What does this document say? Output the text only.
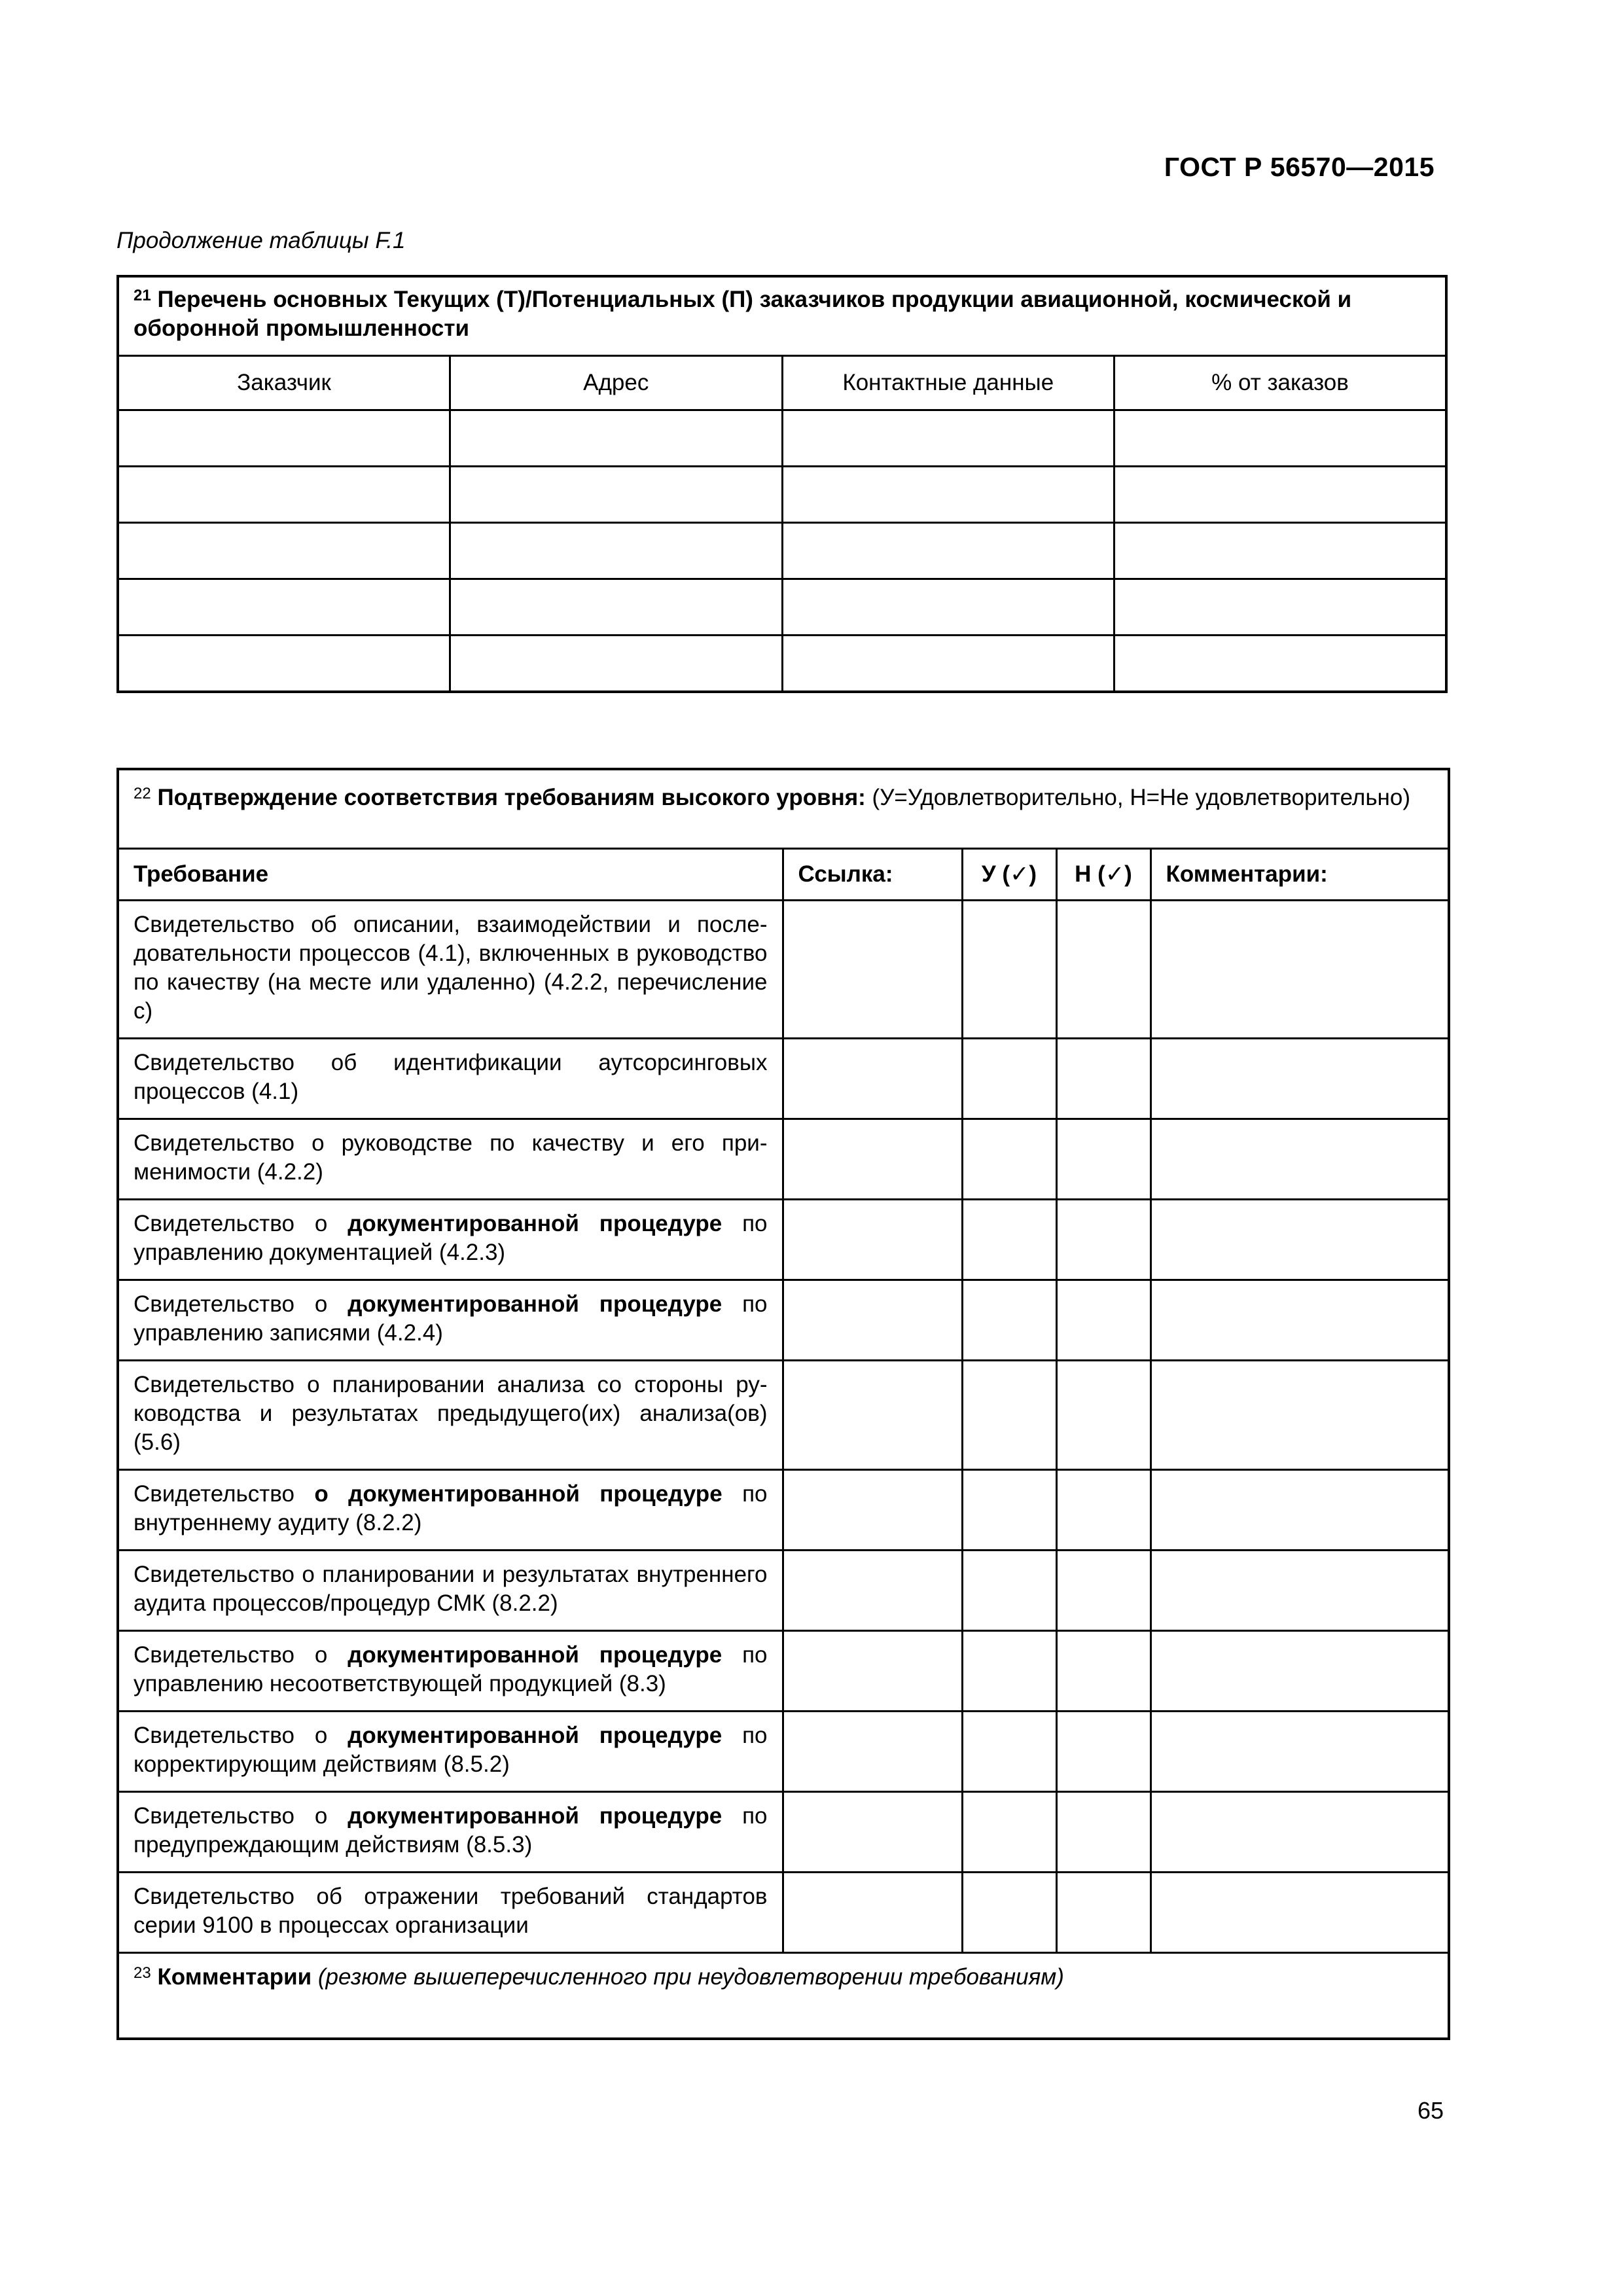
ГОСТ Р 56570—2015
Продолжение таблицы F.1
$^{21}$ Перечень основных Текущих (Т)/Потенциальных (П) заказчиков продукции авиационной, космической и оборонной промышленности			
Заказчик	Адрес	Контактные данные	% от заказов

$^{22}$ Подтверждение соответствия требованиям высокого уровня: (У=Удовлетворительно, Н=Не удовлетворительно)				
Требование	Ссылка:	У (✓)	Н (✓)	Комментарии:
Свидетельство об описании, взаимодействии и последовательности процессов (4.1), включенных в руководство по качеству (на месте или удаленно) (4.2.2, перечисление с)				
Свидетельство об идентификации аутсорсинговых процессов (4.1)				
Свидетельство о руководстве по качеству и его применимости (4.2.2)				
Свидетельство о документированной процедуре по управлению документацией (4.2.3)				
Свидетельство о документированной процедуре по управлению записями (4.2.4)				
Свидетельство о планировании анализа со стороны руководства и результатах предыдущего(их) анализа(ов) (5.6)				
Свидетельство о документированной процедуре по внутреннему аудиту (8.2.2)				
Свидетельство о планировании и результатах внутреннего аудита процессов/процедур СМК (8.2.2)				
Свидетельство о документированной процедуре по управлению несоответствующей продукцией (8.3)				
Свидетельство о документированной процедуре по корректирующим действиям (8.5.2)				
Свидетельство о документированной процедуре по предупреждающим действиям (8.5.3)				
Свидетельство об отражении требований стандартов серии 9100 в процессах организации				
$^{23}$ Комментарии (резюме вышеперечисленного при неудовлетворении требованиям)				
65
